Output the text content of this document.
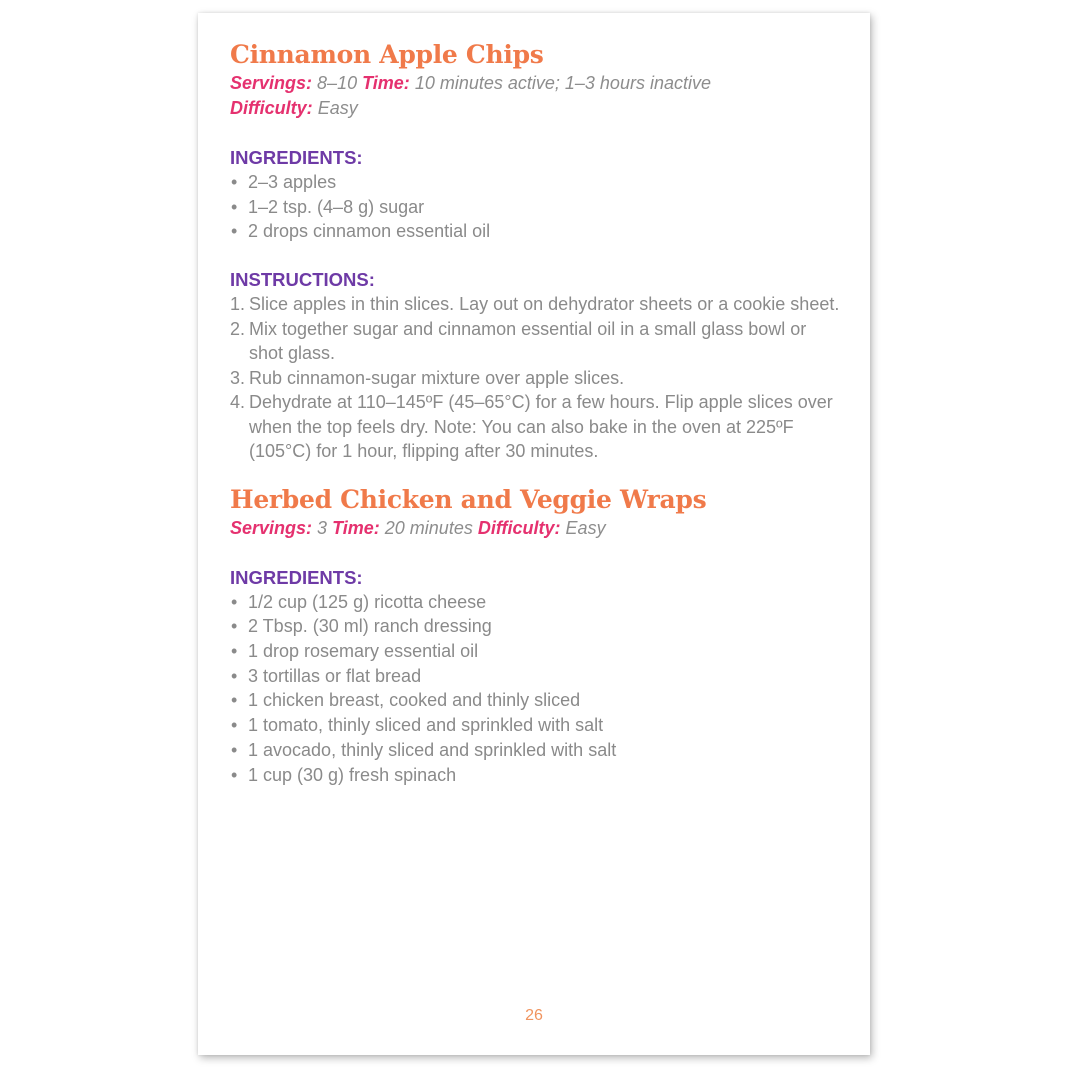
Cinnamon Apple Chips
Servings: 8–10 Time: 10 minutes active; 1–3 hours inactive
Difficulty: Easy
INGREDIENTS:
• 2–3 apples
• 1–2 tsp. (4–8 g) sugar
• 2 drops cinnamon essential oil
INSTRUCTIONS:
1. Slice apples in thin slices. Lay out on dehydrator sheets or a cookie sheet.
2. Mix together sugar and cinnamon essential oil in a small glass bowl or shot glass.
3. Rub cinnamon-sugar mixture over apple slices.
4. Dehydrate at 110–145ºF (45–65°C) for a few hours. Flip apple slices over when the top feels dry. Note: You can also bake in the oven at 225ºF (105°C) for 1 hour, flipping after 30 minutes.
Herbed Chicken and Veggie Wraps
Servings: 3 Time: 20 minutes Difficulty: Easy
INGREDIENTS:
• 1/2 cup (125 g) ricotta cheese
• 2 Tbsp. (30 ml) ranch dressing
• 1 drop rosemary essential oil
• 3 tortillas or flat bread
• 1 chicken breast, cooked and thinly sliced
• 1 tomato, thinly sliced and sprinkled with salt
• 1 avocado, thinly sliced and sprinkled with salt
• 1 cup (30 g) fresh spinach
26
